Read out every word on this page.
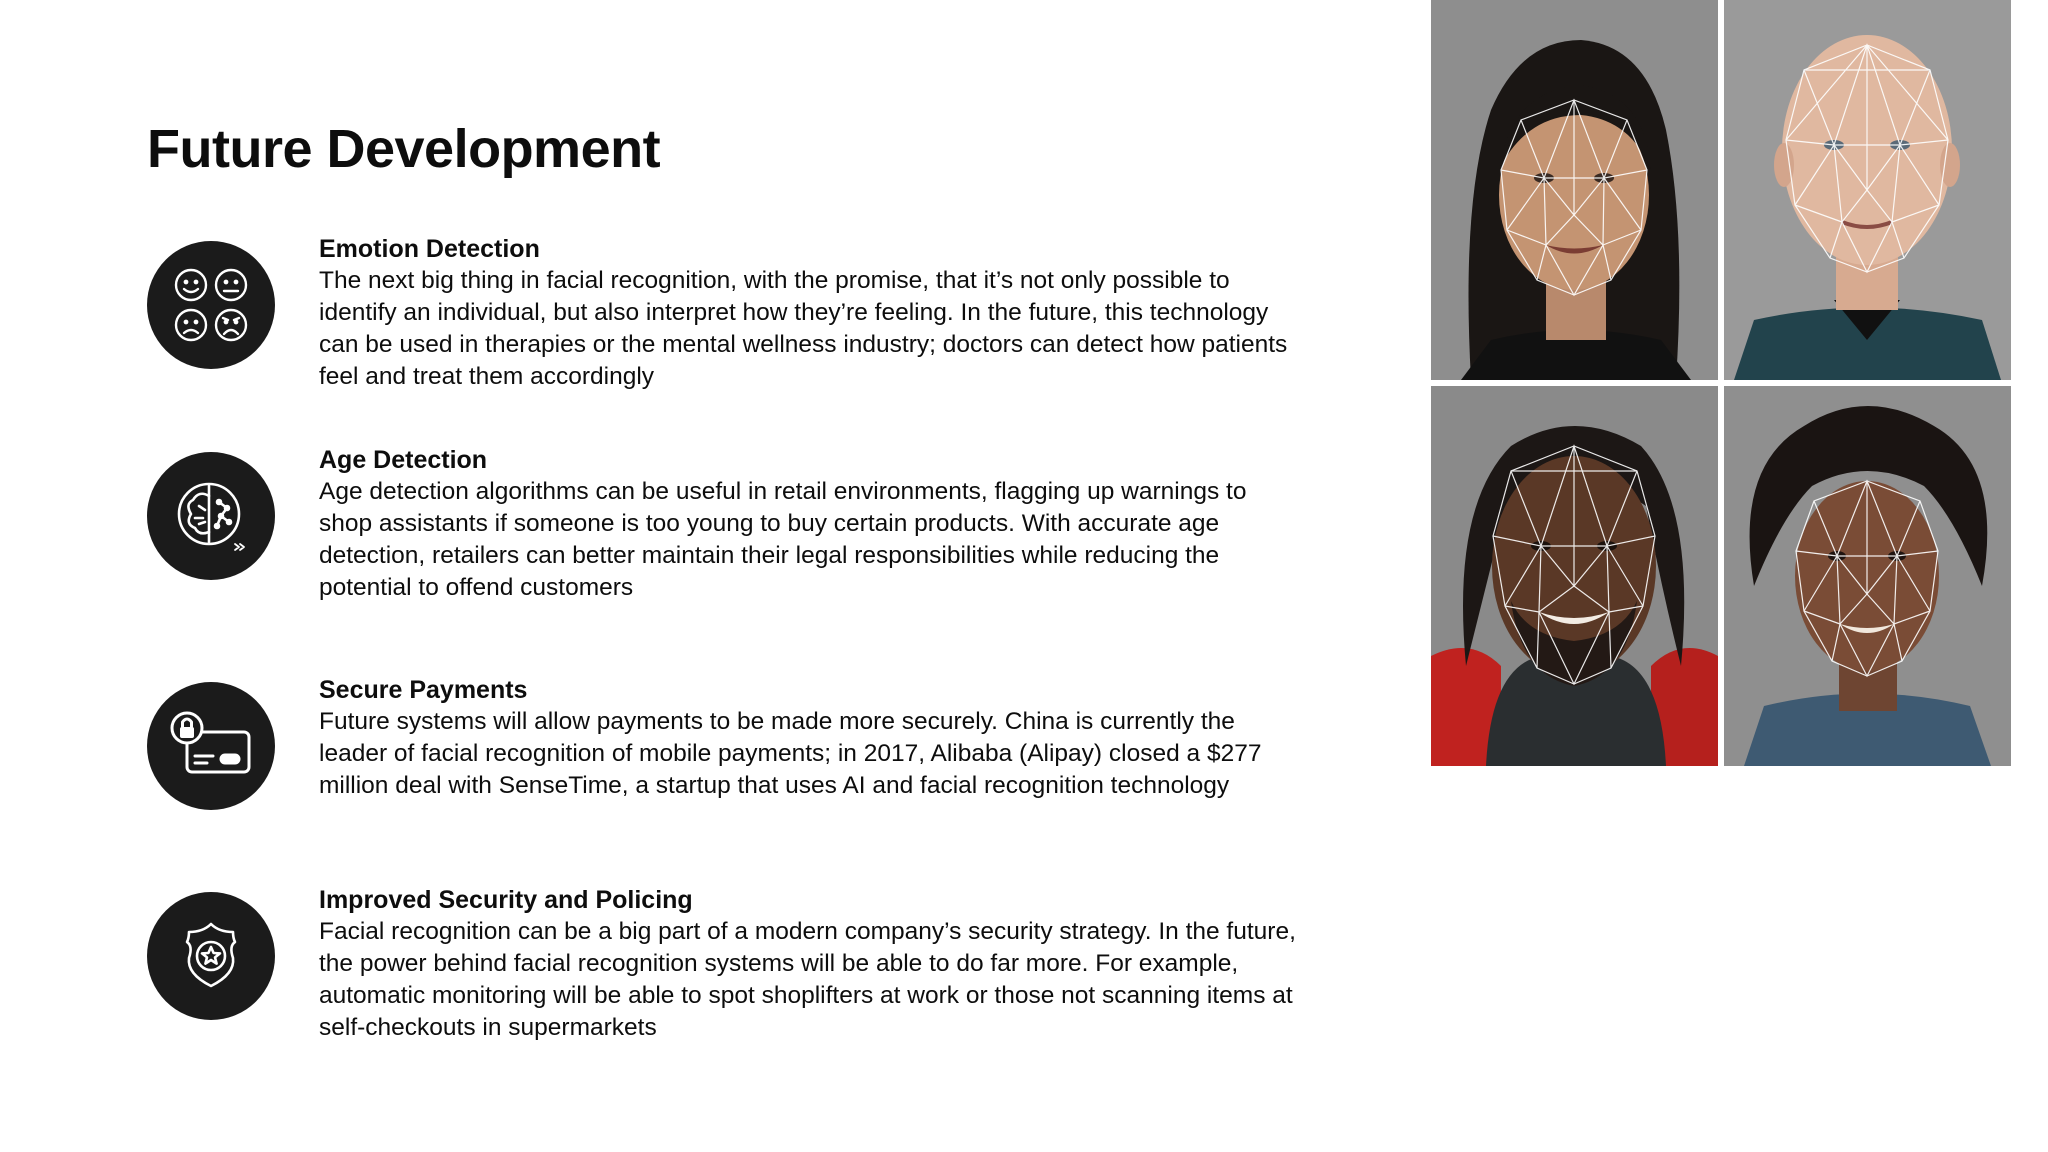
Future Development

Emotion Detection

The next big thing in facial recognition, with the promise, that it’s not only possible to identify an individual, but also interpret how they’re feeling. In the future, this technology can be used in therapies or the mental wellness industry; doctors can detect how patients feel and treat them accordingly

Age Detection

Age detection algorithms can be useful in retail environments, flagging up warnings to shop assistants if someone is too young to buy certain products. With accurate age detection, retailers can better maintain their legal responsibilities while reducing the potential to offend customers

Secure Payments

Future systems will allow payments to be made more securely. China is currently the leader of facial recognition of mobile payments; in 2017, Alibaba (Alipay) closed a $277 million deal with SenseTime, a startup that uses AI and facial recognition technology

Improved Security and Policing

Facial recognition can be a big part of a modern company’s security strategy. In the future, the power behind facial recognition systems will be able to do far more. For example, automatic monitoring will be able to spot shoplifters at work or those not scanning items at self-checkouts in supermarkets
